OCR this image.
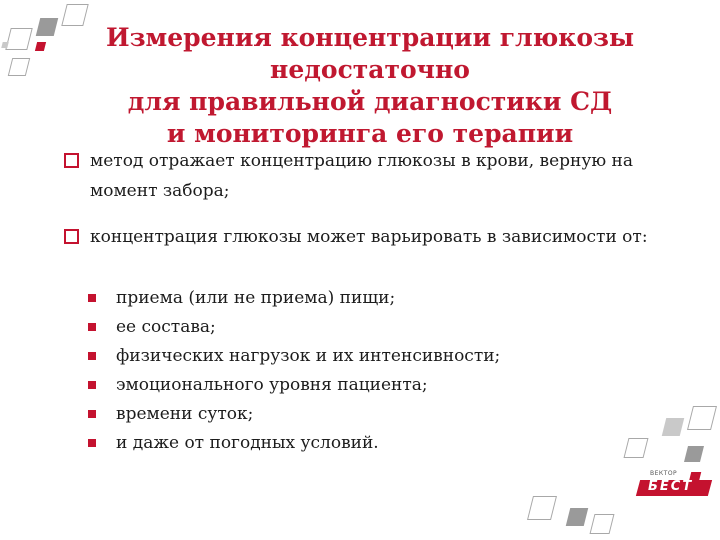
Измерения концентрации глюкозы недостаточно
для правильной диагностики СД
и мониторинга его терапии
метод отражает концентрацию глюкозы в крови, верную на момент забора;
концентрация глюкозы может варьировать в зависимости от:
приема (или не приема) пищи;
ее состава;
физических нагрузок и их интенсивности;
эмоционального уровня пациента;
времени суток;
и даже от погодных условий.
ВЕКТОР
БЕСТ
